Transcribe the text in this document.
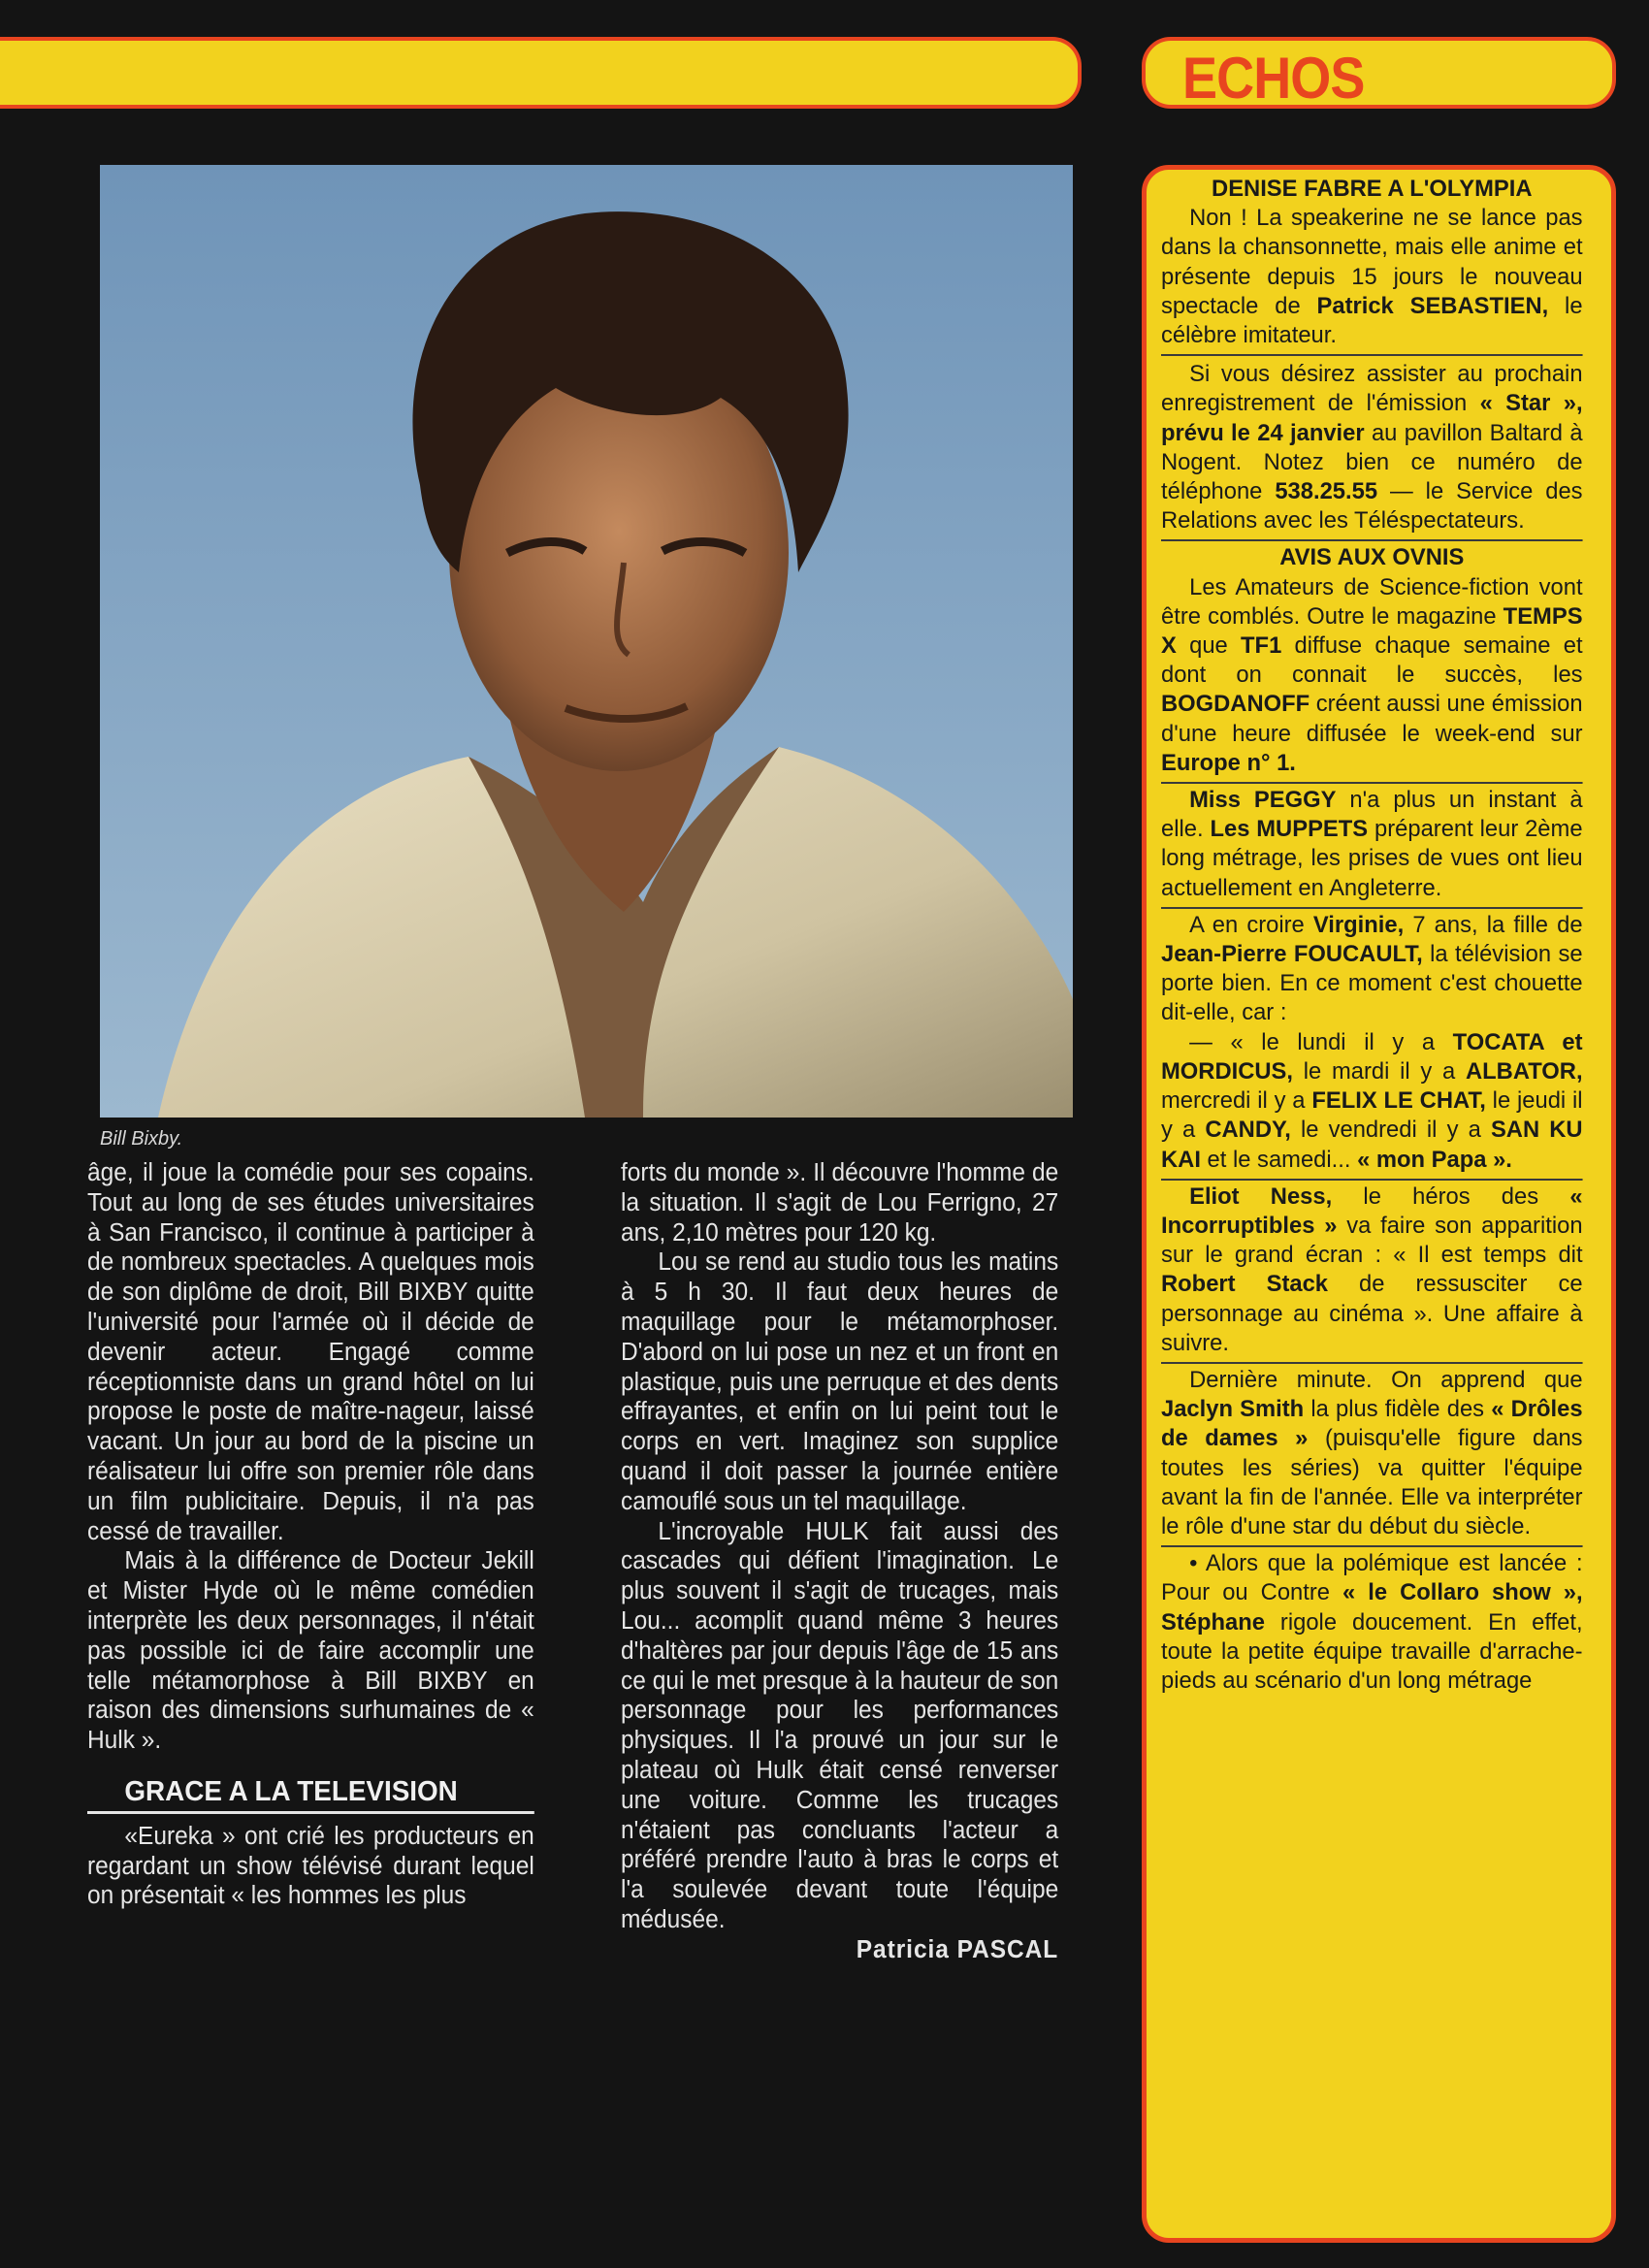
ECHOS
Bill Bixby.

âge, il joue la comédie pour ses copains. Tout au long de ses études universitaires à San Francisco, il continue à participer à de nombreux spectacles. A quelques mois de son diplôme de droit, Bill BIXBY quitte l'université pour l'armée où il décide de devenir acteur. Engagé comme réceptionniste dans un grand hôtel on lui propose le poste de maître-nageur, laissé vacant. Un jour au bord de la piscine un réalisateur lui offre son premier rôle dans un film publicitaire. Depuis, il n'a pas cessé de travailler.

Mais à la différence de Docteur Jekill et Mister Hyde où le même comédien interprète les deux personnages, il n'était pas possible ici de faire accomplir une telle métamorphose à Bill BIXBY en raison des dimensions surhumaines de « Hulk ».

GRACE A LA TELEVISION

«Eureka » ont crié les producteurs en regardant un show télévisé durant lequel on présentait « les hommes les plus

forts du monde ». Il découvre l'homme de la situation. Il s'agit de Lou Ferrigno, 27 ans, 2,10 mètres pour 120 kg.

Lou se rend au studio tous les matins à 5 h 30. Il faut deux heures de maquillage pour le métamorphoser. D'abord on lui pose un nez et un front en plastique, puis une perruque et des dents effrayantes, et enfin on lui peint tout le corps en vert. Imaginez son supplice quand il doit passer la journée entière camouflé sous un tel maquillage.

L'incroyable HULK fait aussi des cascades qui défient l'imagination. Le plus souvent il s'agit de trucages, mais Lou... acomplit quand même 3 heures d'haltères par jour depuis l'âge de 15 ans ce qui le met presque à la hauteur de son personnage pour les performances physiques. Il l'a prouvé un jour sur le plateau où Hulk était censé renverser une voiture. Comme les trucages n'étaient pas concluants l'acteur a préféré prendre l'auto à bras le corps et l'a soulevée devant toute l'équipe médusée.

Patricia PASCAL

DENISE FABRE A L'OLYMPIA

Non ! La speakerine ne se lance pas dans la chansonnette, mais elle anime et présente depuis 15 jours le nouveau spectacle de Patrick SEBASTIEN, le célèbre imitateur.

Si vous désirez assister au prochain enregistrement de l'émission « Star », prévu le 24 janvier au pavillon Baltard à Nogent. Notez bien ce numéro de téléphone 538.25.55 — le Service des Relations avec les Téléspectateurs.

AVIS AUX OVNIS

Les Amateurs de Science-fiction vont être comblés. Outre le magazine TEMPS X que TF1 diffuse chaque semaine et dont on connait le succès, les BOGDANOFF créent aussi une émission d'une heure diffusée le week-end sur Europe n° 1.

Miss PEGGY n'a plus un instant à elle. Les MUPPETS préparent leur 2ème long métrage, les prises de vues ont lieu actuellement en Angleterre.

A en croire Virginie, 7 ans, la fille de Jean-Pierre FOUCAULT, la télévision se porte bien. En ce moment c'est chouette dit-elle, car :

— « le lundi il y a TOCATA et MORDICUS, le mardi il y a ALBATOR, mercredi il y a FELIX LE CHAT, le jeudi il y a CANDY, le vendredi il y a SAN KU KAI et le samedi... « mon Papa ».

Eliot Ness, le héros des « Incorruptibles » va faire son apparition sur le grand écran : « Il est temps dit Robert Stack de ressusciter ce personnage au cinéma ». Une affaire à suivre.

Dernière minute. On apprend que Jaclyn Smith la plus fidèle des « Drôles de dames » (puisqu'elle figure dans toutes les séries) va quitter l'équipe avant la fin de l'année. Elle va interpréter le rôle d'une star du début du siècle.

• Alors que la polémique est lancée : Pour ou Contre « le Collaro show », Stéphane rigole doucement. En effet, toute la petite équipe travaille d'arrache-pieds au scénario d'un long métrage
